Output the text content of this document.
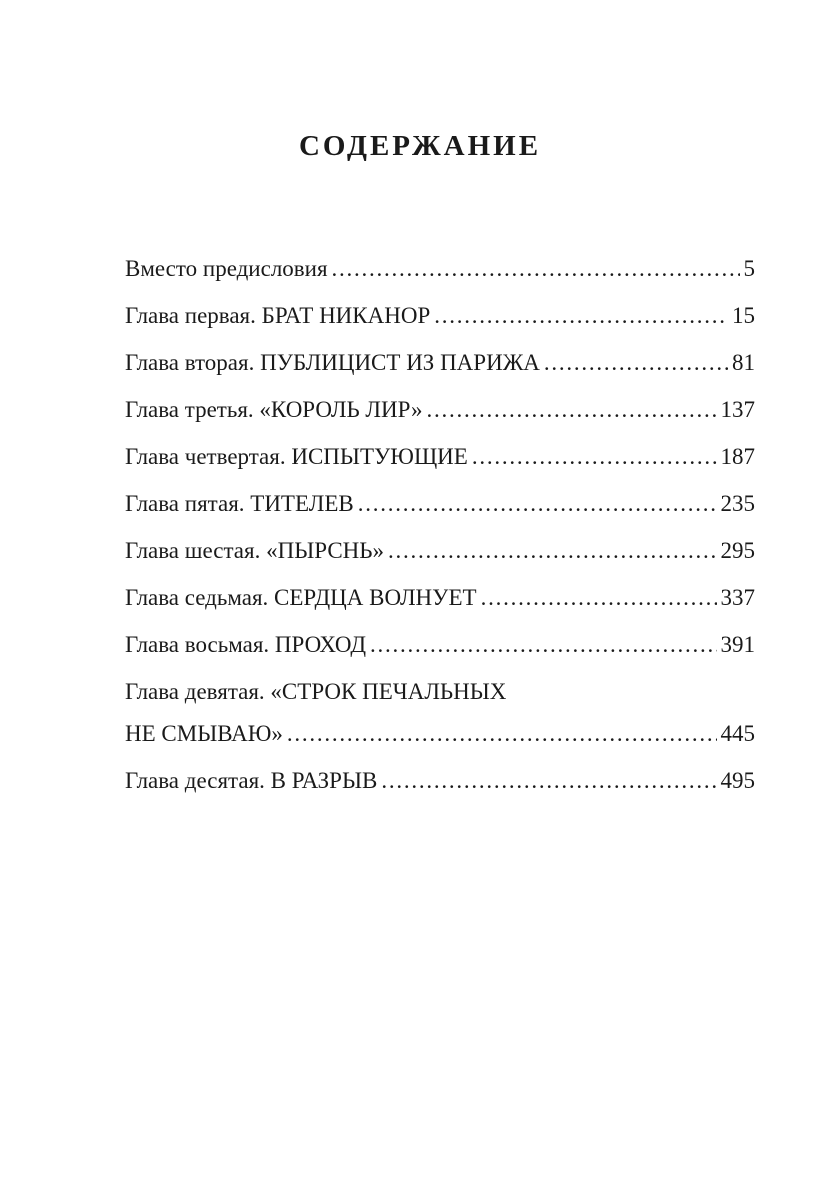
СОДЕРЖАНИЕ
Вместо предисловия . . .	5
Глава первая. БРАТ НИКАНОР . . .	15
Глава вторая. ПУБЛИЦИСТ ИЗ ПАРИЖА . . .	81
Глава третья. «КОРОЛЬ ЛИР» . . .	137
Глава четвертая. ИСПЫТУЮЩИЕ . . .	187
Глава пятая. ТИТЕЛЕВ . . .	235
Глава шестая. «ПЫРСНЬ» . . .	295
Глава седьмая. СЕРДЦА ВОЛНУЕТ . . .	337
Глава восьмая. ПРОХОД . . .	391
Глава девятая. «СТРОК ПЕЧАЛЬНЫХ
НЕ СМЫВАЮ» . . .	445
Глава десятая. В РАЗРЫВ . . .	495
